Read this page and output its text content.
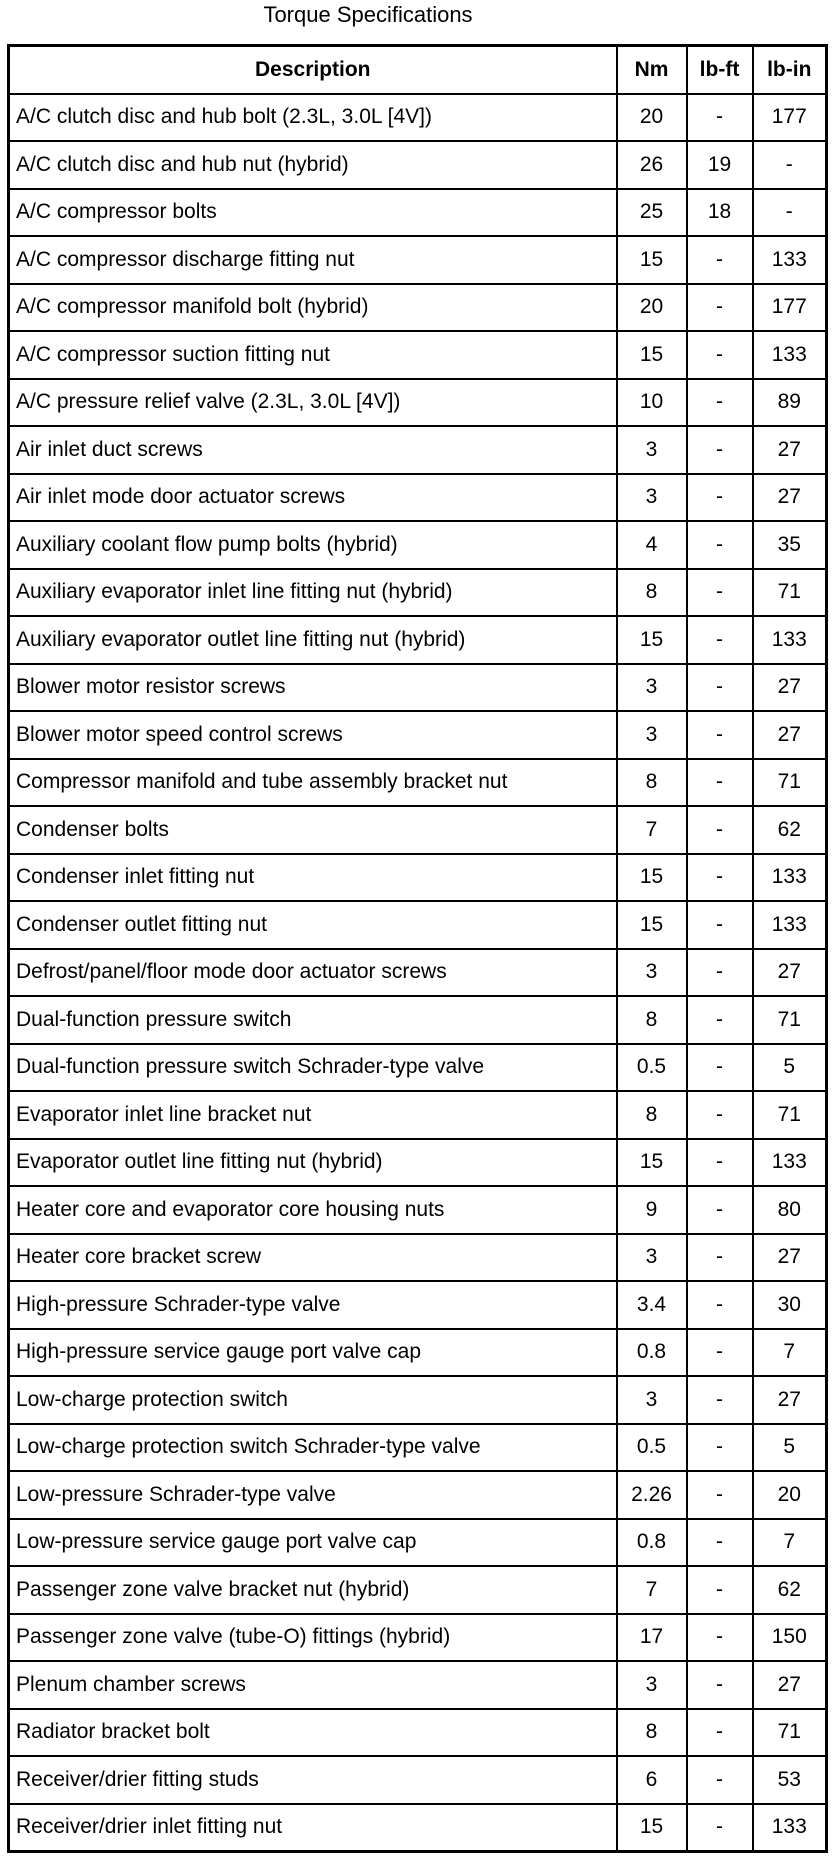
Torque Specifications
Description	Nm	lb-ft	lb-in
A/C clutch disc and hub bolt (2.3L, 3.0L [4V])	20	-	177
A/C clutch disc and hub nut (hybrid)	26	19	-
A/C compressor bolts	25	18	-
A/C compressor discharge fitting nut	15	-	133
A/C compressor manifold bolt (hybrid)	20	-	177
A/C compressor suction fitting nut	15	-	133
A/C pressure relief valve (2.3L, 3.0L [4V])	10	-	89
Air inlet duct screws	3	-	27
Air inlet mode door actuator screws	3	-	27
Auxiliary coolant flow pump bolts (hybrid)	4	-	35
Auxiliary evaporator inlet line fitting nut (hybrid)	8	-	71
Auxiliary evaporator outlet line fitting nut (hybrid)	15	-	133
Blower motor resistor screws	3	-	27
Blower motor speed control screws	3	-	27
Compressor manifold and tube assembly bracket nut	8	-	71
Condenser bolts	7	-	62
Condenser inlet fitting nut	15	-	133
Condenser outlet fitting nut	15	-	133
Defrost/panel/floor mode door actuator screws	3	-	27
Dual-function pressure switch	8	-	71
Dual-function pressure switch Schrader-type valve	0.5	-	5
Evaporator inlet line bracket nut	8	-	71
Evaporator outlet line fitting nut (hybrid)	15	-	133
Heater core and evaporator core housing nuts	9	-	80
Heater core bracket screw	3	-	27
High-pressure Schrader-type valve	3.4	-	30
High-pressure service gauge port valve cap	0.8	-	7
Low-charge protection switch	3	-	27
Low-charge protection switch Schrader-type valve	0.5	-	5
Low-pressure Schrader-type valve	2.26	-	20
Low-pressure service gauge port valve cap	0.8	-	7
Passenger zone valve bracket nut (hybrid)	7	-	62
Passenger zone valve (tube-O) fittings (hybrid)	17	-	150
Plenum chamber screws	3	-	27
Radiator bracket bolt	8	-	71
Receiver/drier fitting studs	6	-	53
Receiver/drier inlet fitting nut	15	-	133
